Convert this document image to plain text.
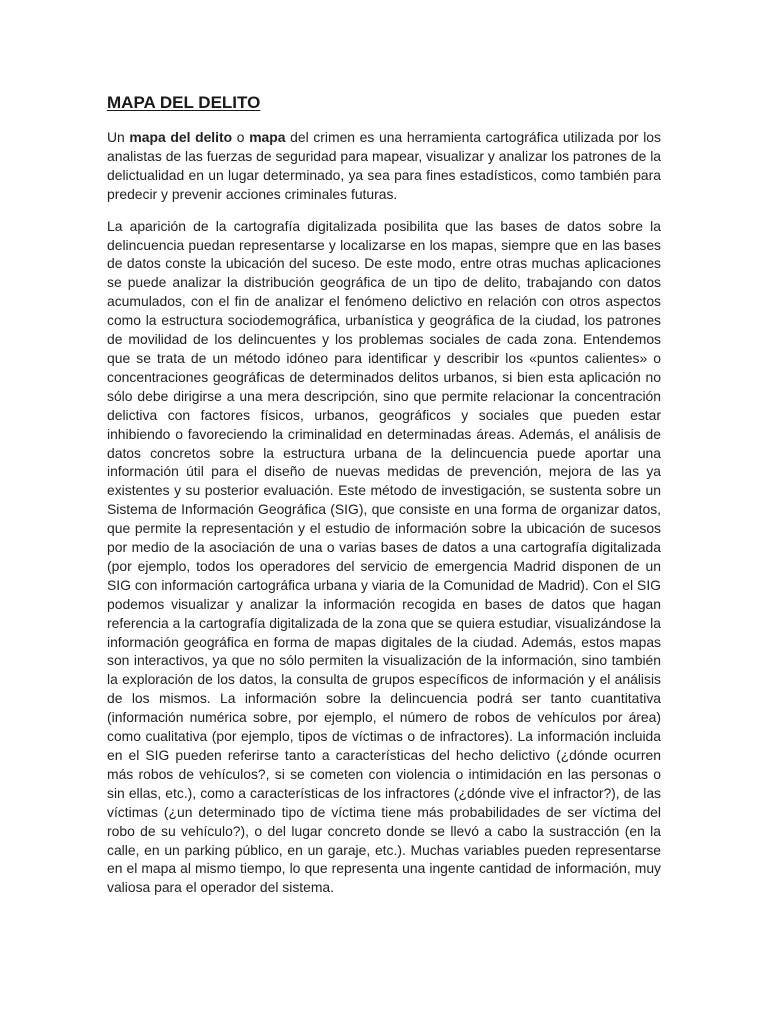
MAPA DEL DELITO

Un mapa del delito o mapa del crimen es una herramienta cartográfica utilizada por los analistas de las fuerzas de seguridad para mapear, visualizar y analizar los patrones de la delictualidad en un lugar determinado, ya sea para fines estadísticos, como también para predecir y prevenir acciones criminales futuras.

La aparición de la cartografía digitalizada posibilita que las bases de datos sobre la delincuencia puedan representarse y localizarse en los mapas, siempre que en las bases de datos conste la ubicación del suceso. De este modo, entre otras muchas aplicaciones se puede analizar la distribución geográfica de un tipo de delito, trabajando con datos acumulados, con el fin de analizar el fenómeno delictivo en relación con otros aspectos como la estructura sociodemográfica, urbanística y geográfica de la ciudad, los patrones de movilidad de los delincuentes y los problemas sociales de cada zona. Entendemos que se trata de un método idóneo para identificar y describir los «puntos calientes» o concentraciones geográficas de determinados delitos urbanos, si bien esta aplicación no sólo debe dirigirse a una mera descripción, sino que permite relacionar la concentración delictiva con factores físicos, urbanos, geográficos y sociales que pueden estar inhibiendo o favoreciendo la criminalidad en determinadas áreas. Además, el análisis de datos concretos sobre la estructura urbana de la delincuencia puede aportar una información útil para el diseño de nuevas medidas de prevención, mejora de las ya existentes y su posterior evaluación. Este método de investigación, se sustenta sobre un Sistema de Información Geográfica (SIG), que consiste en una forma de organizar datos, que permite la representación y el estudio de información sobre la ubicación de sucesos por medio de la asociación de una o varias bases de datos a una cartografía digitalizada (por ejemplo, todos los operadores del servicio de emergencia Madrid disponen de un SIG con información cartográfica urbana y viaria de la Comunidad de Madrid). Con el SIG podemos visualizar y analizar la información recogida en bases de datos que hagan referencia a la cartografía digitalizada de la zona que se quiera estudiar, visualizándose la información geográfica en forma de mapas digitales de la ciudad. Además, estos mapas son interactivos, ya que no sólo permiten la visualización de la información, sino también la exploración de los datos, la consulta de grupos específicos de información y el análisis de los mismos. La información sobre la delincuencia podrá ser tanto cuantitativa (información numérica sobre, por ejemplo, el número de robos de vehículos por área) como cualitativa (por ejemplo, tipos de víctimas o de infractores). La información incluida en el SIG pueden referirse tanto a características del hecho delictivo (¿dónde ocurren más robos de vehículos?, si se cometen con violencia o intimidación en las personas o sin ellas, etc.), como a características de los infractores (¿dónde vive el infractor?), de las víctimas (¿un determinado tipo de víctima tiene más probabilidades de ser víctima del robo de su vehículo?), o del lugar concreto donde se llevó a cabo la sustracción (en la calle, en un parking público, en un garaje, etc.). Muchas variables pueden representarse en el mapa al mismo tiempo, lo que representa una ingente cantidad de información, muy valiosa para el operador del sistema.
